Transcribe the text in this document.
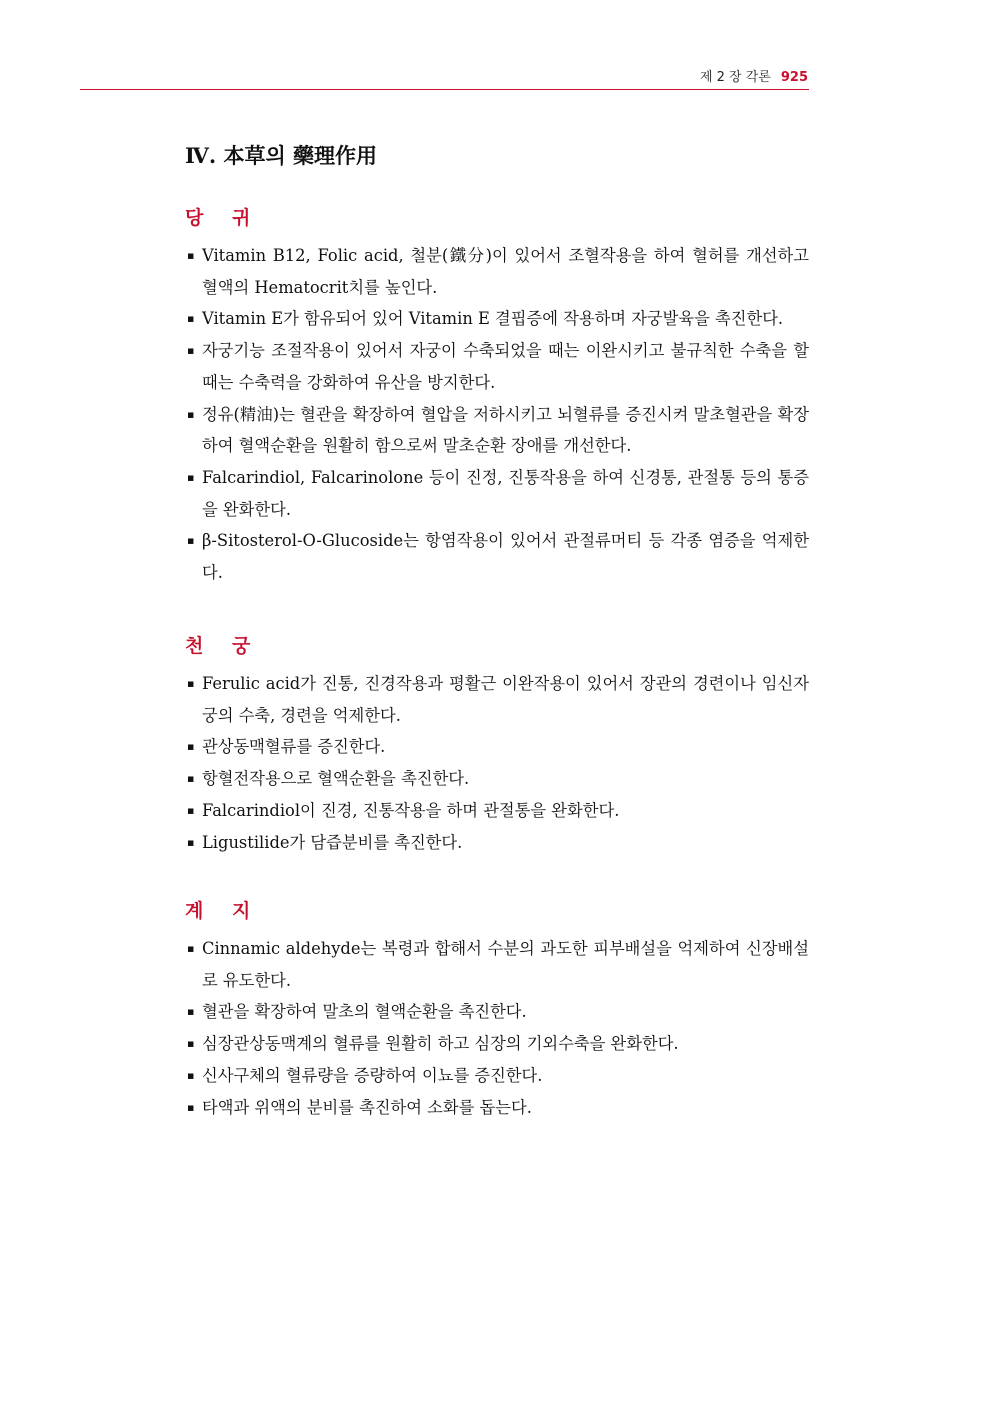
제 2 장 각론 925
Ⅳ. 本草의 藥理作用
당 귀
▪ Vitamin B12, Folic acid, 철분(鐵分)이 있어서 조혈작용을 하여 혈허를 개선하고 혈액의 Hematocrit치를 높인다.
▪ Vitamin E가 함유되어 있어 Vitamin E 결핍증에 작용하며 자궁발육을 촉진한다.
▪ 자궁기능 조절작용이 있어서 자궁이 수축되었을 때는 이완시키고 불규칙한 수축을 할 때는 수축력을 강화하여 유산을 방지한다.
▪ 정유(精油)는 혈관을 확장하여 혈압을 저하시키고 뇌혈류를 증진시켜 말초혈관을 확장하여 혈액순환을 원활히 함으로써 말초순환 장애를 개선한다.
▪ Falcarindiol, Falcarinolone 등이 진정, 진통작용을 하여 신경통, 관절통 등의 통증을 완화한다.
▪ β-Sitosterol-O-Glucoside는 항염작용이 있어서 관절류머티 등 각종 염증을 억제한다.
천 궁
▪ Ferulic acid가 진통, 진경작용과 평활근 이완작용이 있어서 장관의 경련이나 임신자궁의 수축, 경련을 억제한다.
▪ 관상동맥혈류를 증진한다.
▪ 항혈전작용으로 혈액순환을 촉진한다.
▪ Falcarindiol이 진경, 진통작용을 하며 관절통을 완화한다.
▪ Ligustilide가 담즙분비를 촉진한다.
계 지
▪ Cinnamic aldehyde는 복령과 합해서 수분의 과도한 피부배설을 억제하여 신장배설로 유도한다.
▪ 혈관을 확장하여 말초의 혈액순환을 촉진한다.
▪ 심장관상동맥계의 혈류를 원활히 하고 심장의 기외수축을 완화한다.
▪ 신사구체의 혈류량을 증량하여 이뇨를 증진한다.
▪ 타액과 위액의 분비를 촉진하여 소화를 돕는다.
